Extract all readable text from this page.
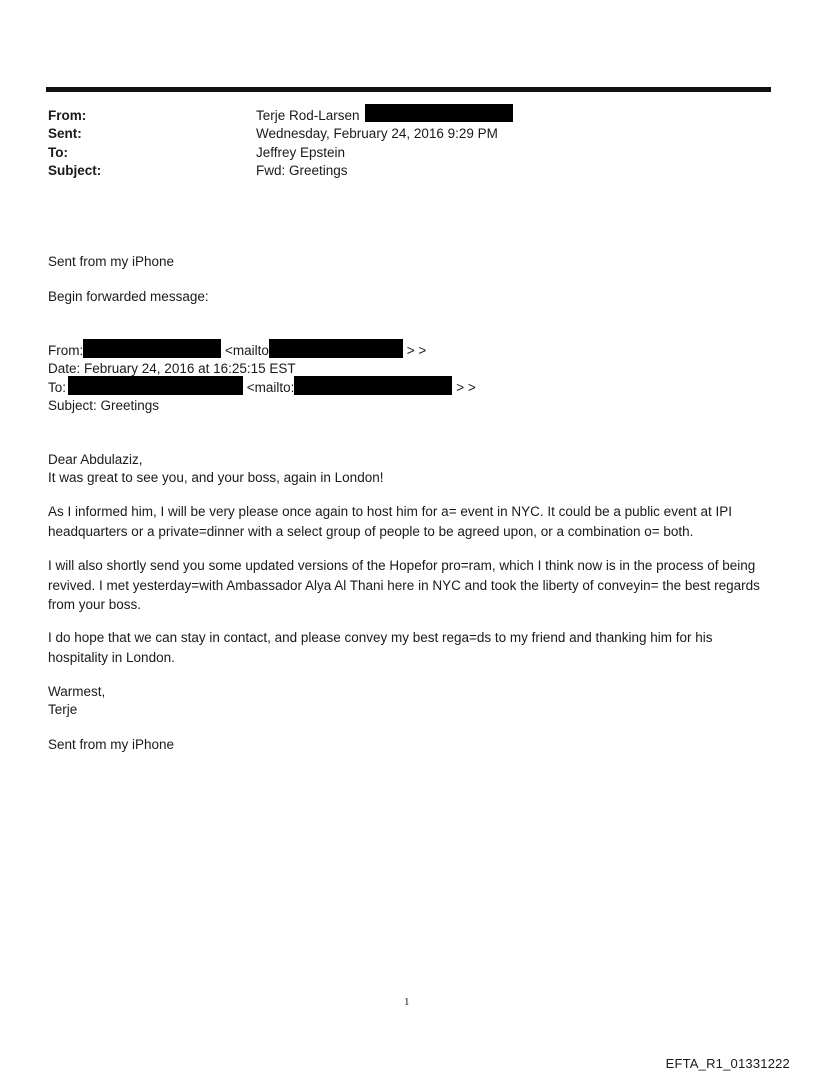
From:	Terje Rod-Larsen
Sent:	Wednesday, February 24, 2016 9:29 PM
To:	Jeffrey Epstein
Subject:	Fwd: Greetings
Sent from my iPhone
Begin forwarded message:
From:	<mailto	> >
Date: February 24, 2016 at 16:25:15 EST
To:	<mailto:	> >
Subject: Greetings
Dear Abdulaziz,
It was great to see you, and your boss, again in London!
As I informed him, I will be very please once again to host him for a= event in NYC. It could be a public event at IPI headquarters or a private=dinner with a select group of people to be agreed upon, or a combination o= both.
I will also shortly send you some updated versions of the Hopefor pro=ram, which I think now is in the process of being revived. I met yesterday=with Ambassador Alya Al Thani here in NYC and took the liberty of conveyin= the best regards from your boss.
I do hope that we can stay in contact, and please convey my best rega=ds to my friend and thanking him for his hospitality in London.
Warmest,
Terje
Sent from my iPhone
1
EFTA_R1_01331222
